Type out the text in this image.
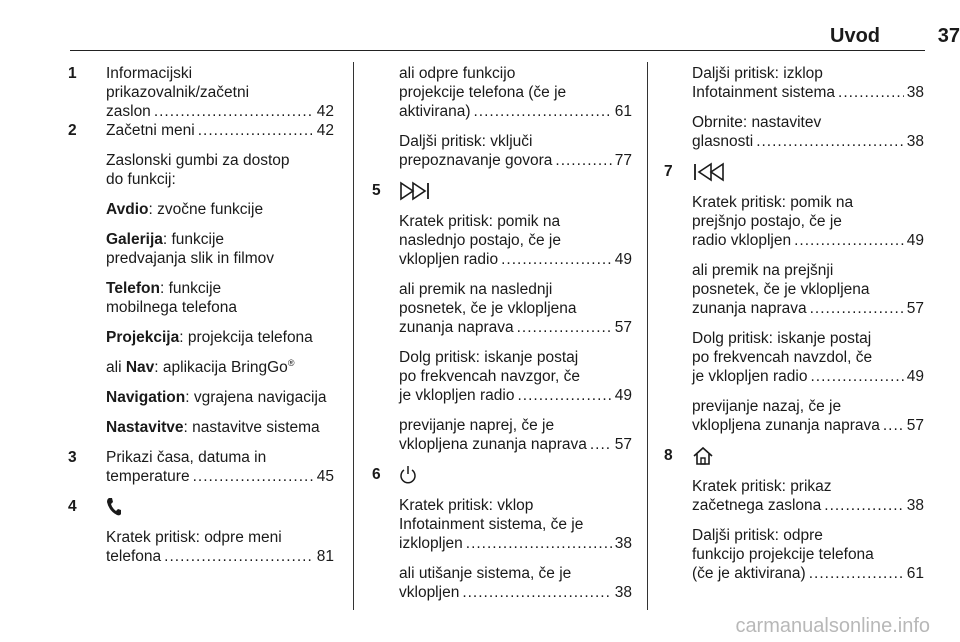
Uvod	37
1	Informacijski
prikazovalnik/začetni
zaslon .....	42
2	Začetni meni .....	42
Zaslonski gumbi za dostop
do funkcij:
Avdio: zvočne funkcije
Galerija: funkcije
predvajanja slik in filmov
Telefon: funkcije
mobilnega telefona
Projekcija: projekcija telefona
ali Nav: aplikacija BringGo®
Navigation: vgrajena navigacija
Nastavitve: nastavitve sistema
3	Prikazi časa, datuma in
temperature .....	45
4
Kratek pritisk: odpre meni
telefona .....	81
ali odpre funkcijo
projekcije telefona (če je
aktivirana) .....	61
Daljši pritisk: vključi
prepoznavanje govora .....	77
5
Kratek pritisk: pomik na
naslednjo postajo, če je
vklopljen radio .....	49
ali premik na naslednji
posnetek, če je vklopljena
zunanja naprava .....	57
Dolg pritisk: iskanje postaj
po frekvencah navzgor, če
je vklopljen radio .....	49
previjanje naprej, če je
vklopljena zunanja naprava ..... 57
6
Kratek pritisk: vklop
Infotainment sistema, če je
izklopljen .....	38
ali utišanje sistema, če je
vklopljen .....	38
Daljši pritisk: izklop
Infotainment sistema .....	38
Obrnite: nastavitev
glasnosti .....	38
7
Kratek pritisk: pomik na
prejšnjo postajo, če je
radio vklopljen .....	49
ali premik na prejšnji
posnetek, če je vklopljena
zunanja naprava .....	57
Dolg pritisk: iskanje postaj
po frekvencah navzdol, če
je vklopljen radio .....	49
previjanje nazaj, če je
vklopljena zunanja naprava ..... 57
8
Kratek pritisk: prikaz
začetnega zaslona .....	38
Daljši pritisk: odpre
funkcijo projekcije telefona
(če je aktivirana) .....	61
carmanualsonline.info
